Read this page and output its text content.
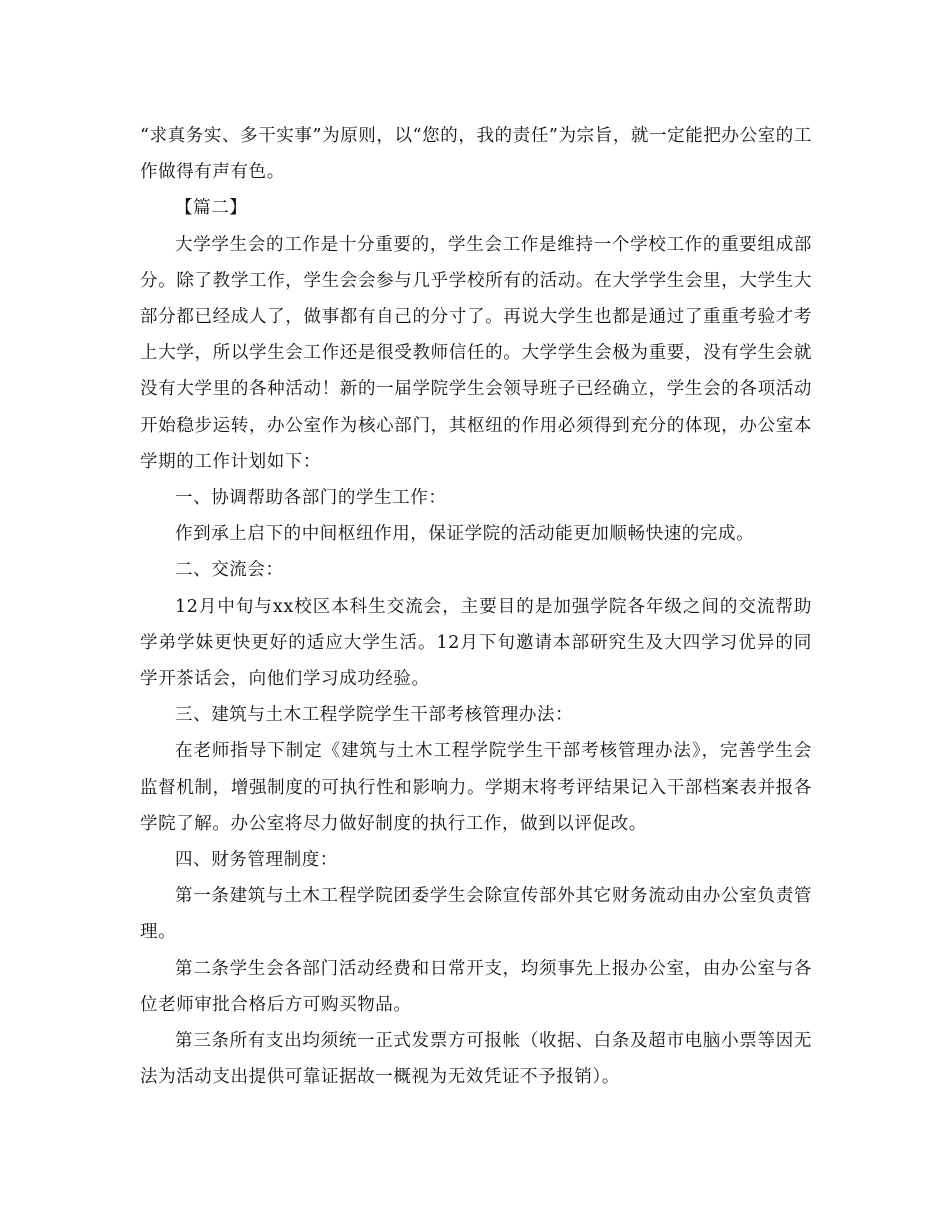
“求真务实、多干实事”为原则，以“您的，我的责任”为宗旨，就一定能把办公室的工作做得有声有色。

【篇二】

大学学生会的工作是十分重要的，学生会工作是维持一个学校工作的重要组成部分。除了教学工作，学生会会参与几乎学校所有的活动。在大学学生会里，大学生大部分都已经成人了，做事都有自己的分寸了。再说大学生也都是通过了重重考验才考上大学，所以学生会工作还是很受教师信任的。大学学生会极为重要，没有学生会就没有大学里的各种活动！新的一届学院学生会领导班子已经确立，学生会的各项活动开始稳步运转，办公室作为核心部门，其枢纽的作用必须得到充分的体现，办公室本学期的工作计划如下：

一、协调帮助各部门的学生工作：

作到承上启下的中间枢纽作用，保证学院的活动能更加顺畅快速的完成。

二、交流会：

12月中旬与xx校区本科生交流会，主要目的是加强学院各年级之间的交流帮助学弟学妹更快更好的适应大学生活。12月下旬邀请本部研究生及大四学习优异的同学开茶话会，向他们学习成功经验。

三、建筑与土木工程学院学生干部考核管理办法：

在老师指导下制定《建筑与土木工程学院学生干部考核管理办法》，完善学生会监督机制，增强制度的可执行性和影响力。学期末将考评结果记入干部档案表并报各学院了解。办公室将尽力做好制度的执行工作，做到以评促改。

四、财务管理制度：

第一条建筑与土木工程学院团委学生会除宣传部外其它财务流动由办公室负责管理。

第二条学生会各部门活动经费和日常开支，均须事先上报办公室，由办公室与各位老师审批合格后方可购买物品。

第三条所有支出均须统一正式发票方可报帐（收据、白条及超市电脑小票等因无法为活动支出提供可靠证据故一概视为无效凭证不予报销）。
